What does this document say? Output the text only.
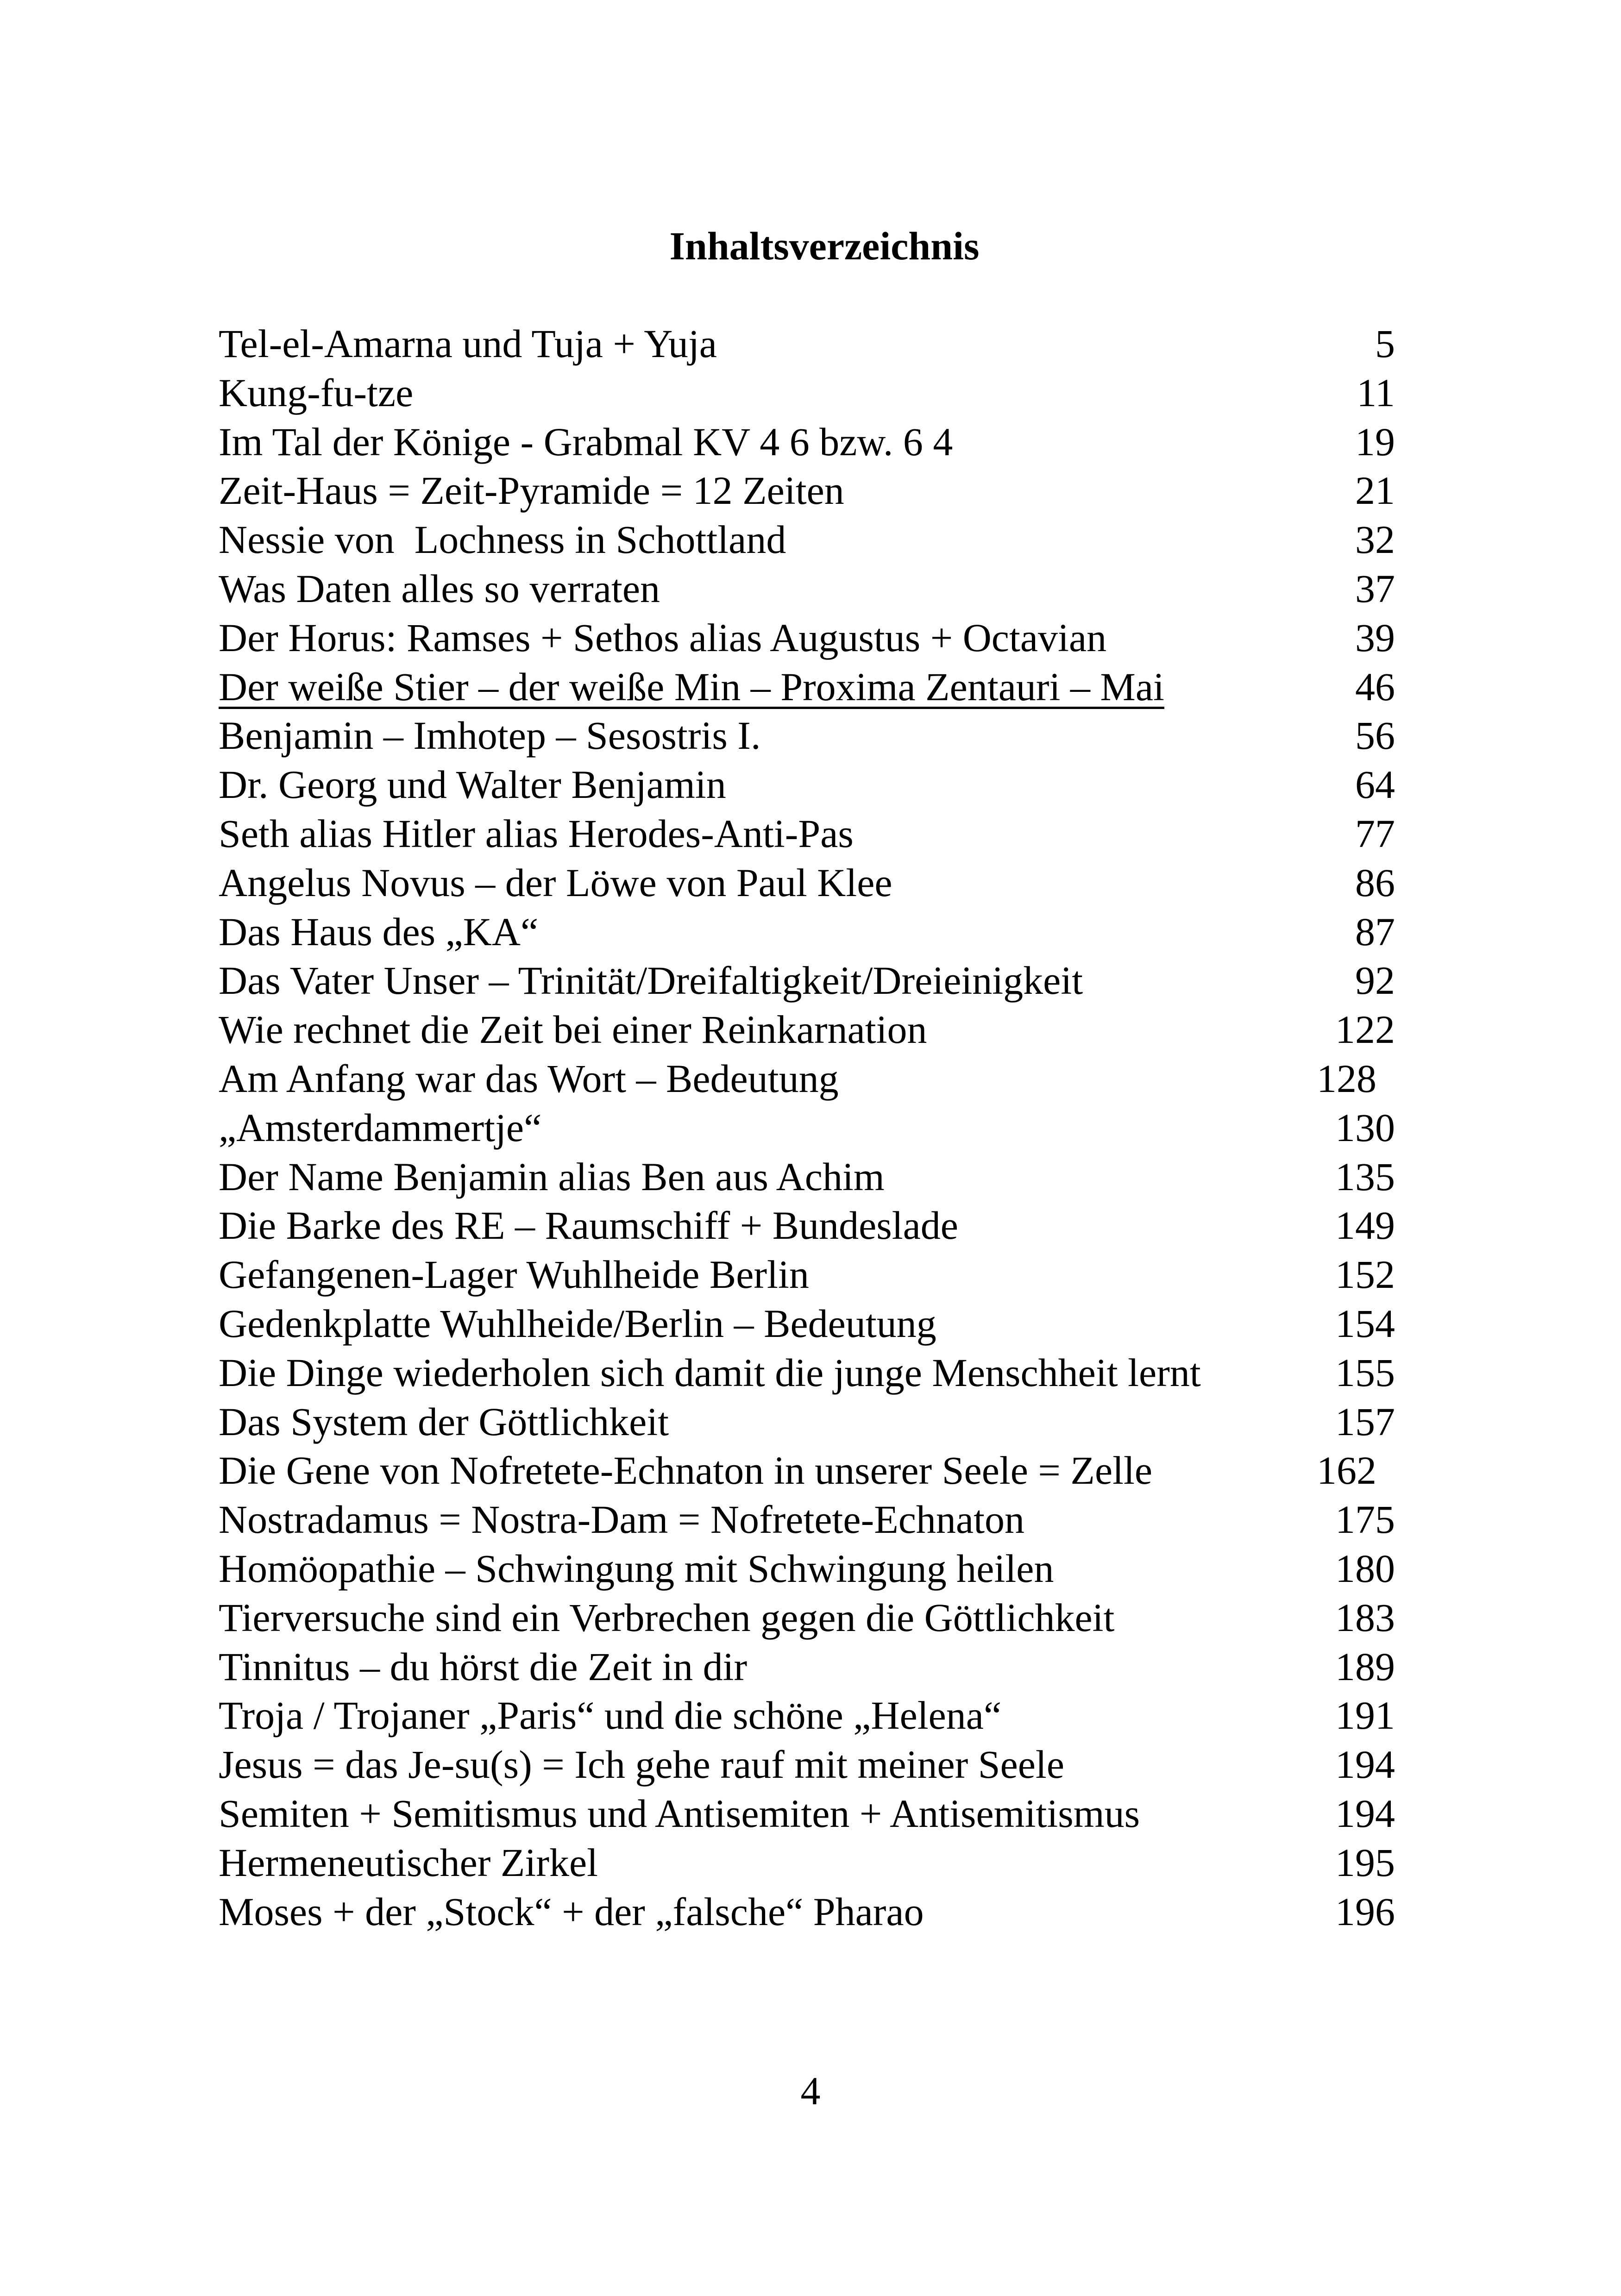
Inhaltsverzeichnis
Tel-el-Amarna und Tuja + Yuja	5
Kung-fu-tze	11
Im Tal der Könige - Grabmal KV 4 6 bzw. 6 4	19
Zeit-Haus = Zeit-Pyramide = 12 Zeiten	21
Nessie von  Lochness in Schottland	32
Was Daten alles so verraten	37
Der Horus: Ramses + Sethos alias Augustus + Octavian	39
Der weiße Stier – der weiße Min – Proxima Zentauri – Mai	46
Benjamin – Imhotep – Sesostris I.	56
Dr. Georg und Walter Benjamin	64
Seth alias Hitler alias Herodes-Anti-Pas	77
Angelus Novus – der Löwe von Paul Klee	86
Das Haus des „KA“	87
Das Vater Unser – Trinität/Dreifaltigkeit/Dreieinigkeit	92
Wie rechnet die Zeit bei einer Reinkarnation	122
Am Anfang war das Wort – Bedeutung	128
„Amsterdammertje“	130
Der Name Benjamin alias Ben aus Achim	135
Die Barke des RE – Raumschiff + Bundeslade	149
Gefangenen-Lager Wuhlheide Berlin	152
Gedenkplatte Wuhlheide/Berlin – Bedeutung	154
Die Dinge wiederholen sich damit die junge Menschheit lernt	155
Das System der Göttlichkeit	157
Die Gene von Nofretete-Echnaton in unserer Seele = Zelle	162
Nostradamus = Nostra-Dam = Nofretete-Echnaton	175
Homöopathie – Schwingung mit Schwingung heilen	180
Tierversuche sind ein Verbrechen gegen die Göttlichkeit	183
Tinnitus – du hörst die Zeit in dir	189
Troja / Trojaner „Paris“ und die schöne „Helena“	191
Jesus = das Je-su(s) = Ich gehe rauf mit meiner Seele	194
Semiten + Semitismus und Antisemiten + Antisemitismus	194
Hermeneutischer Zirkel	195
Moses + der „Stock“ + der „falsche“ Pharao	196
4
